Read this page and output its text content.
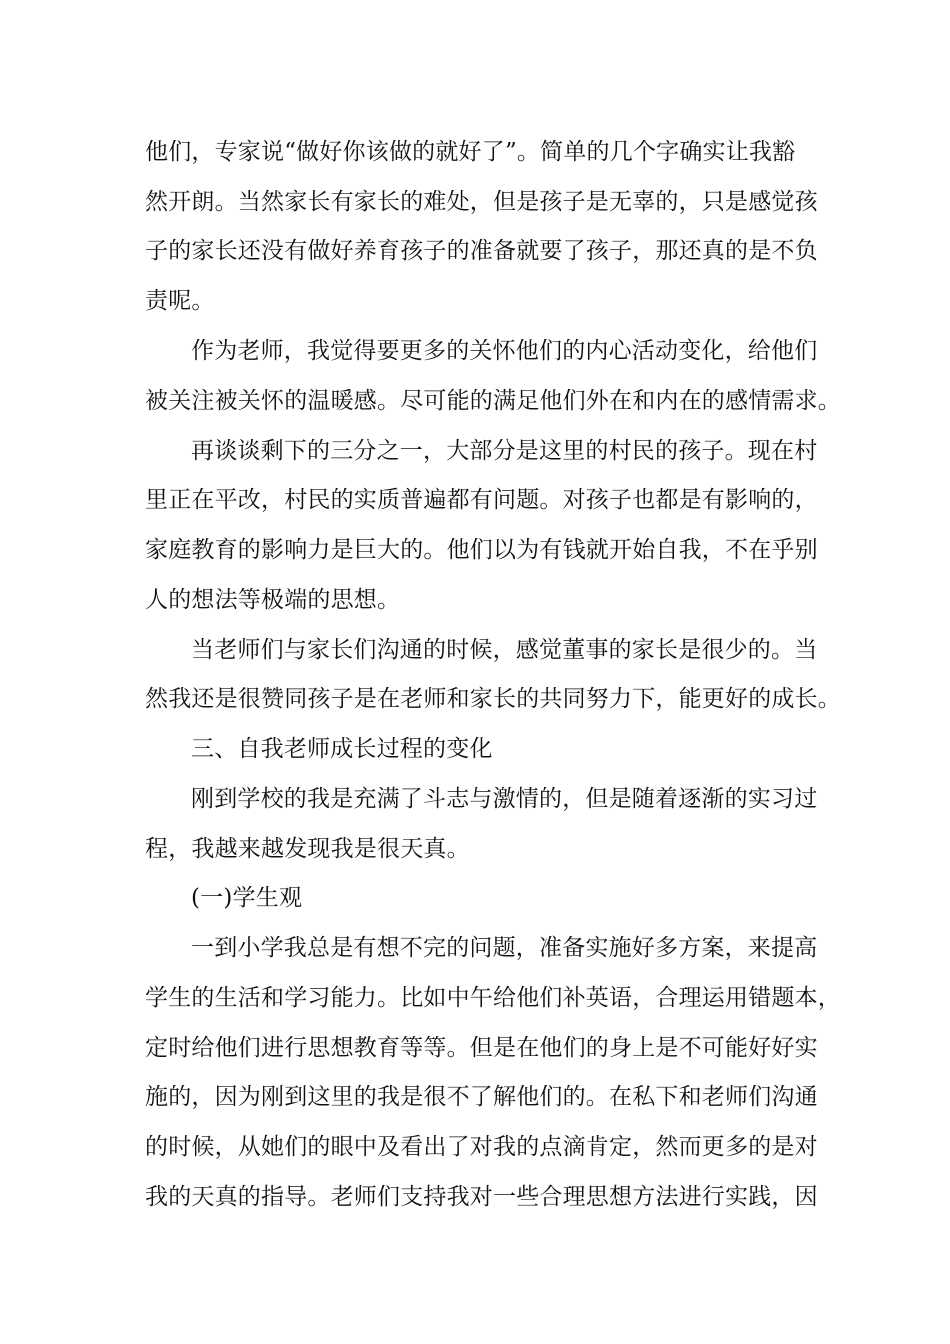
他们，专家说“做好你该做的就好了”。简单的几个字确实让我豁
然开朗。当然家长有家长的难处，但是孩子是无辜的，只是感觉孩
子的家长还没有做好养育孩子的准备就要了孩子，那还真的是不负
责呢。
作为老师，我觉得要更多的关怀他们的内心活动变化，给他们
被关注被关怀的温暖感。尽可能的满足他们外在和内在的感情需求。
再谈谈剩下的三分之一，大部分是这里的村民的孩子。现在村
里正在平改，村民的实质普遍都有问题。对孩子也都是有影响的，
家庭教育的影响力是巨大的。他们以为有钱就开始自我，不在乎别
人的想法等极端的思想。
当老师们与家长们沟通的时候，感觉董事的家长是很少的。当
然我还是很赞同孩子是在老师和家长的共同努力下，能更好的成长。
三、自我老师成长过程的变化
刚到学校的我是充满了斗志与激情的，但是随着逐渐的实习过
程，我越来越发现我是很天真。
(一)学生观
一到小学我总是有想不完的问题，准备实施好多方案，来提高
学生的生活和学习能力。比如中午给他们补英语，合理运用错题本，
定时给他们进行思想教育等等。但是在他们的身上是不可能好好实
施的，因为刚到这里的我是很不了解他们的。在私下和老师们沟通
的时候，从她们的眼中及看出了对我的点滴肯定，然而更多的是对
我的天真的指导。老师们支持我对一些合理思想方法进行实践，因
